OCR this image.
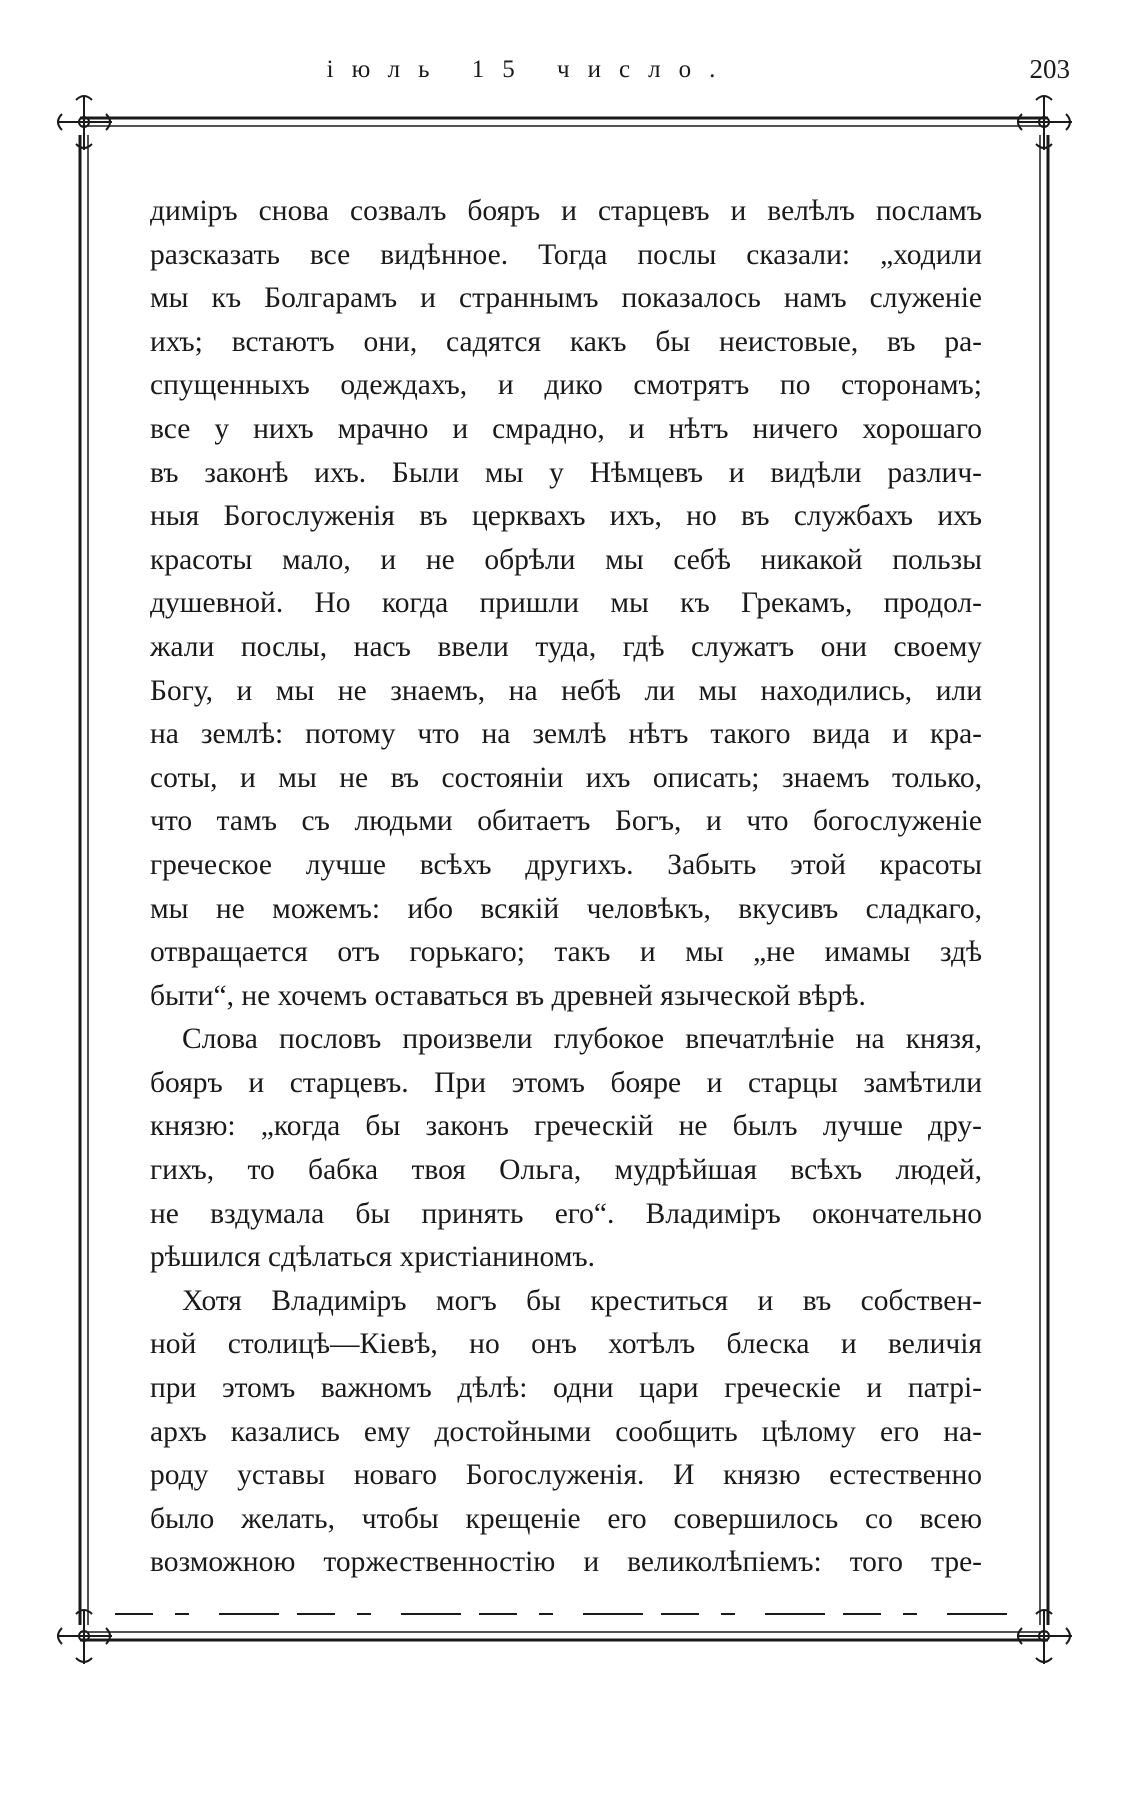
іюль 15 число.	203
диміръ снова созвалъ бояръ и старцевъ и велѣлъ посламъ
разсказать все видѣнное. Тогда послы сказали: „ходили
мы къ Болгарамъ и страннымъ показалось намъ служеніе
ихъ; встаютъ они, садятся какъ бы неистовые, въ ра-
спущенныхъ одеждахъ, и дико смотрятъ по сторонамъ;
все у нихъ мрачно и смрадно, и нѣтъ ничего хорошаго
въ законѣ ихъ. Были мы у Нѣмцевъ и видѣли различ-
ныя Богослуженія въ церквахъ ихъ, но въ службахъ ихъ
красоты мало, и не обрѣли мы себѣ никакой пользы
душевной. Но когда пришли мы къ Грекамъ, продол-
жали послы, насъ ввели туда, гдѣ служатъ они своему
Богу, и мы не знаемъ, на небѣ ли мы находились, или
на землѣ: потому что на землѣ нѣтъ такого вида и кра-
соты, и мы не въ состояніи ихъ описать; знаемъ только,
что тамъ съ людьми обитаетъ Богъ, и что богослуженіе
греческое лучше всѣхъ другихъ. Забыть этой красоты
мы не можемъ: ибо всякій человѣкъ, вкусивъ сладкаго,
отвращается отъ горькаго; такъ и мы „не имамы здѣ
быти“, не хочемъ оставаться въ древней языческой вѣрѣ.
Слова пословъ произвели глубокое впечатлѣніе на князя,
бояръ и старцевъ. При этомъ бояре и старцы замѣтили
князю: „когда бы законъ греческій не былъ лучше дру-
гихъ, то бабка твоя Ольга, мудрѣйшая всѣхъ людей,
не вздумала бы принять его“. Владиміръ окончательно
рѣшился сдѣлаться христіаниномъ.
Хотя Владиміръ могъ бы креститься и въ собствен-
ной столицѣ—Кіевѣ, но онъ хотѣлъ блеска и величія
при этомъ важномъ дѣлѣ: одни цари греческіе и патрі-
архъ казались ему достойными сообщить цѣлому его на-
роду уставы новаго Богослуженія. И князю естественно
было желать, чтобы крещеніе его совершилось со всею
возможною торжественностію и великолѣпіемъ: того тре-
